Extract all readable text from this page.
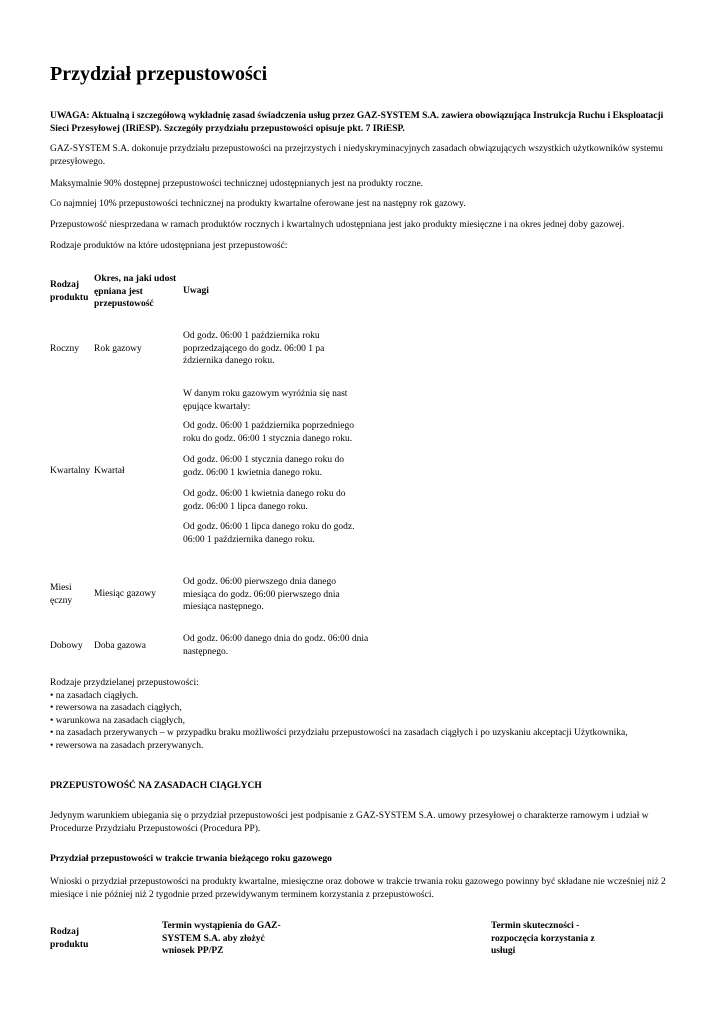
Przydział przepustowości

UWAGA: Aktualną i szczegółową wykładnię zasad świadczenia usług przez GAZ-SYSTEM S.A. zawiera obowiązująca Instrukcja Ruchu i Eksploatacji Sieci Przesyłowej (IRiESP). Szczegóły przydziału przepustowości opisuje pkt. 7 IRiESP.

GAZ-SYSTEM S.A. dokonuje przydziału przepustowości na przejrzystych i niedyskryminacyjnych zasadach obwiązujących wszystkich użytkowników systemu przesyłowego.

Maksymalnie 90% dostępnej przepustowości technicznej udostępnianych jest na produkty roczne.

Co najmniej 10% przepustowości technicznej na produkty kwartalne oferowane jest na następny rok gazowy.

Przepustowość niesprzedana w ramach produktów rocznych i kwartalnych udostępniana jest jako produkty miesięczne i na okres jednej doby gazowej.

Rodzaje produktów na które udostępniana jest przepustowość:

Rodzaj produktu

Okres, na jaki udost ępniana jest przepustowość

Uwagi

Roczny	Rok gazowy

Od godz. 06:00 1 października roku poprzedzającego do godz. 06:00 1 pa ździernika danego roku.

Kwartalny Kwartał

W danym roku gazowym wyróżnia się nast ępujące kwartały:

Od godz. 06:00 1 października poprzedniego roku do godz. 06:00 1 stycznia danego roku.

Od godz. 06:00 1 stycznia danego roku do godz. 06:00 1 kwietnia danego roku.

Od godz. 06:00 1 kwietnia danego roku do godz. 06:00 1 lipca danego roku.

Od godz. 06:00 1 lipca danego roku do godz. 06:00 1 października danego roku.

Miesi ęczny

Miesiąc gazowy

Od godz. 06:00 pierwszego dnia danego miesiąca do godz. 06:00 pierwszego dnia miesiąca następnego.

Dobowy	Doba gazowa

Od godz. 06:00 danego dnia do godz. 06:00 dnia następnego.

Rodzaje przydzielanej przepustowości:
• na zasadach ciągłych.
• rewersowa na zasadach ciągłych,
• warunkowa na zasadach ciągłych,
• na zasadach przerywanych – w przypadku braku możliwości przydziału przepustowości na zasadach ciągłych i po uzyskaniu akceptacji Użytkownika,
• rewersowa na zasadach przerywanych.

PRZEPUSTOWOŚĆ NA ZASADACH CIĄGŁYCH

Jedynym warunkiem ubiegania się o przydział przepustowości jest podpisanie z GAZ-SYSTEM S.A. umowy przesyłowej o charakterze ramowym i udział w Procedurze Przydziału Przepustowości (Procedura PP).

Przydział przepustowości w trakcie trwania bieżącego roku gazowego

Wnioski o przydział przepustowości na produkty kwartalne, miesięczne oraz dobowe w trakcie trwania roku gazowego powinny być składane nie wcześniej niż 2 miesiące i nie później niż 2 tygodnie przed przewidywanym terminem korzystania z przepustowości.

Rodzaj produktu

Termin wystąpienia do GAZ-SYSTEM S.A. aby złożyć wniosek PP/PZ

Termin skuteczności - rozpoczęcia korzystania z usługi
